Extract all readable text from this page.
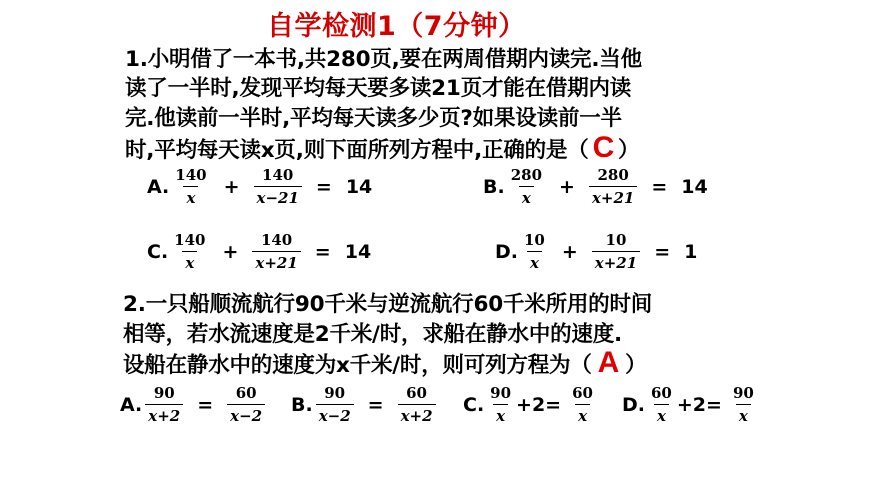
自学检测1（7分钟）
1.小明借了一本书,共280页,要在两周借期内读完.当他
读了一半时,发现平均每天要多读21页才能在借期内读
完.他读前一半时,平均每天读多少页?如果设读前一半
时,平均每天读x页,则下面所列方程中,正确的是（ C ）
A. $\frac{140}{x} + \frac{140}{x-21} = 14$	B. $\frac{280}{x} + \frac{280}{x+21} = 14$
C. $\frac{140}{x} + \frac{140}{x+21} = 14$	D. $\frac{10}{x} + \frac{10}{x+21} = 1$
2.一只船顺流航行90千米与逆流航行60千米所用的时间
相等，若水流速度是2千米/时，求船在静水中的速度.
设船在静水中的速度为x千米/时，则可列方程为（ A ）
A. $\frac{90}{x+2} = \frac{60}{x-2} B$. $\frac{90}{x-2} = \frac{60}{x+2} C$. $\frac{90}{x} +2= \frac{60}{x} D$. $\frac{60}{x} +2= \frac{90}{x}$
